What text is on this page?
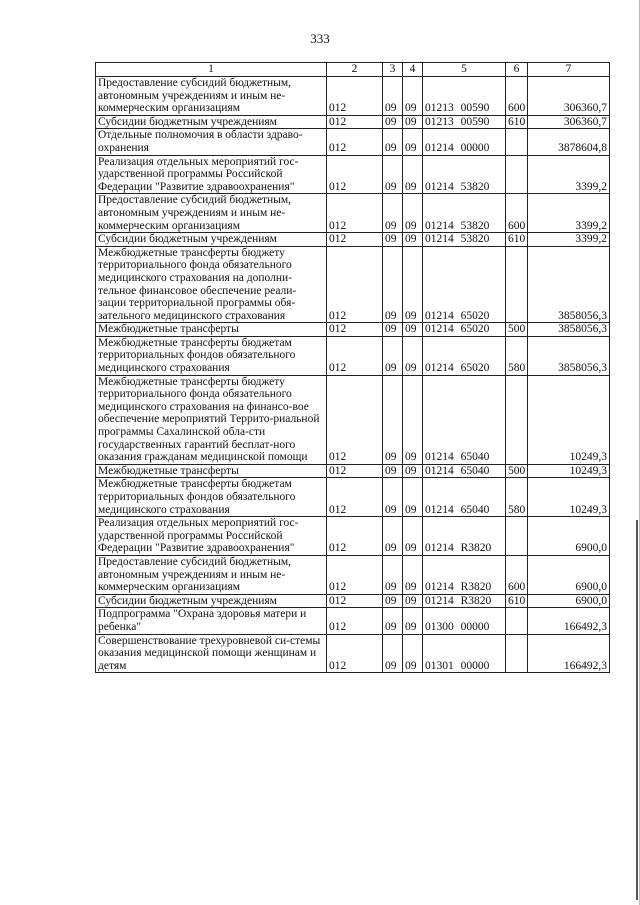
333
1	2	3	4	5	6	7
Предоставление субсидий бюджетным, автономным учреждениям и иным не-коммерческим организациям	012	09	09	01213 00590	600	306360,7
Субсидии бюджетным учреждениям	012	09	09	01213 00590	610	306360,7
Отдельные полномочия в области здраво-охранения	012	09	09	01214 00000		3878604,8
Реализация отдельных мероприятий гос-ударственной программы Российской Федерации "Развитие здравоохранения"	012	09	09	01214 53820		3399,2
Предоставление субсидий бюджетным, автономным учреждениям и иным не-коммерческим организациям	012	09	09	01214 53820	600	3399,2
Субсидии бюджетным учреждениям	012	09	09	01214 53820	610	3399,2
Межбюджетные трансферты бюджету территориального фонда обязательного медицинского страхования на дополни-тельное финансовое обеспечение реали-зации территориальной программы обя-зательного медицинского страхования	012	09	09	01214 65020		3858056,3
Межбюджетные трансферты	012	09	09	01214 65020	500	3858056,3
Межбюджетные трансферты бюджетам территориальных фондов обязательного медицинского страхования	012	09	09	01214 65020	580	3858056,3
Межбюджетные трансферты бюджету территориального фонда обязательного медицинского страхования на финансо-вое обеспечение мероприятий Террито-риальной программы Сахалинской обла-сти государственных гарантий бесплат-ного оказания гражданам медицинской помощи	012	09	09	01214 65040		10249,3
Межбюджетные трансферты	012	09	09	01214 65040	500	10249,3
Межбюджетные трансферты бюджетам территориальных фондов обязательного медицинского страхования	012	09	09	01214 65040	580	10249,3
Реализация отдельных мероприятий гос-ударственной программы Российской Федерации "Развитие здравоохранения"	012	09	09	01214 R3820		6900,0
Предоставление субсидий бюджетным, автономным учреждениям и иным не-коммерческим организациям	012	09	09	01214 R3820	600	6900,0
Субсидии бюджетным учреждениям	012	09	09	01214 R3820	610	6900,0
Подпрограмма "Охрана здоровья матери и ребенка"	012	09	09	01300 00000		166492,3
Совершенствование трехуровневой си-стемы оказания медицинской помощи женщинам и детям	012	09	09	01301 00000		166492,3
